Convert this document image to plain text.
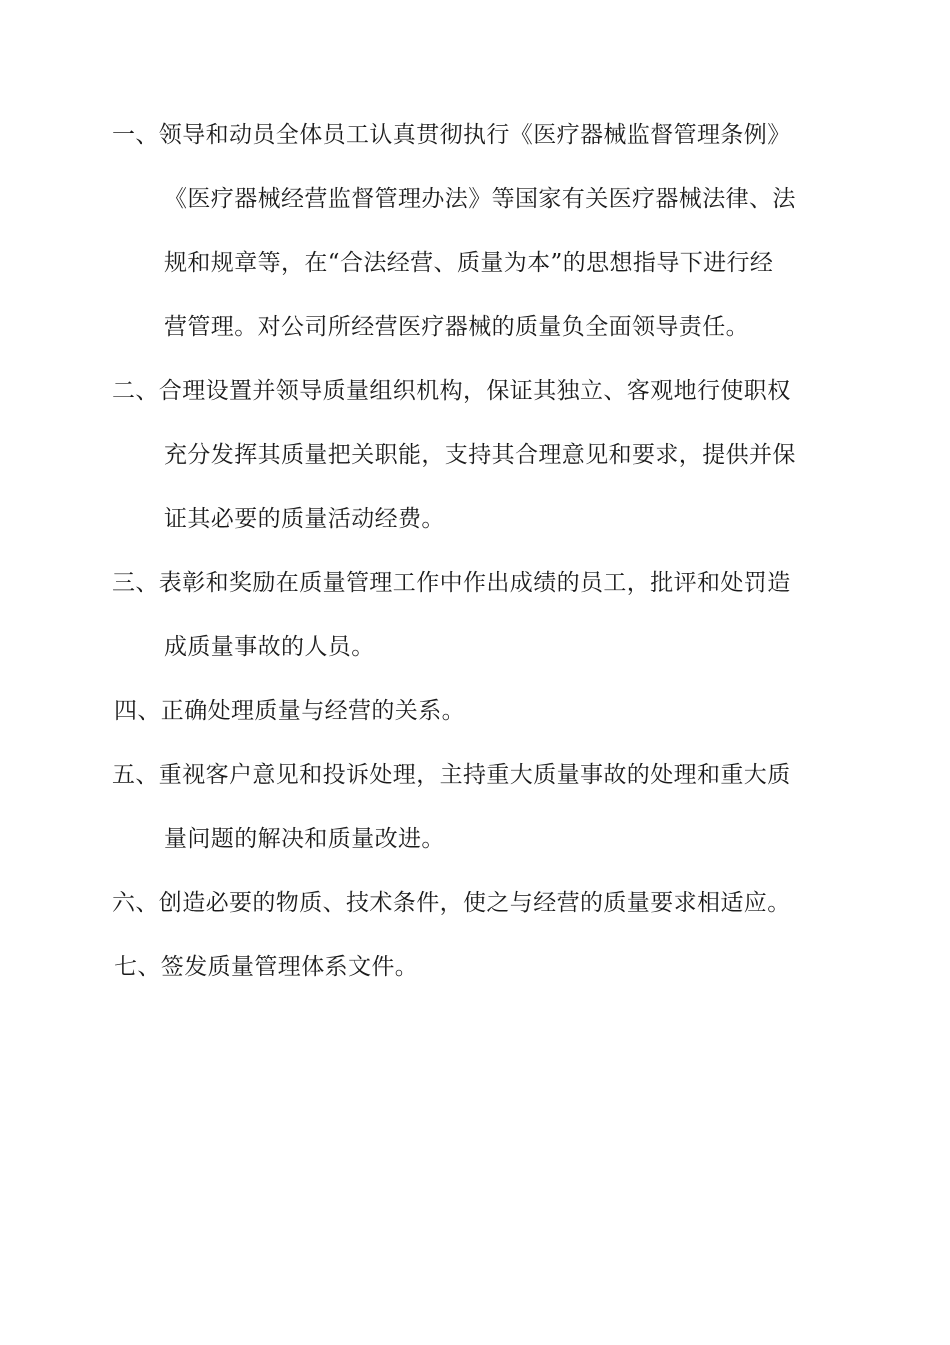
一、领导和动员全体员工认真贯彻执行《医疗器械监督管理条例》
《医疗器械经营监督管理办法》等国家有关医疗器械法律、法
规和规章等，在“合法经营、质量为本”的思想指导下进行经
营管理。对公司所经营医疗器械的质量负全面领导责任。
二、合理设置并领导质量组织机构，保证其独立、客观地行使职权
充分发挥其质量把关职能，支持其合理意见和要求，提供并保
证其必要的质量活动经费。
三、表彰和奖励在质量管理工作中作出成绩的员工，批评和处罚造
成质量事故的人员。
四、正确处理质量与经营的关系。
五、重视客户意见和投诉处理，主持重大质量事故的处理和重大质
量问题的解决和质量改进。
六、创造必要的物质、技术条件，使之与经营的质量要求相适应。
七、签发质量管理体系文件。
